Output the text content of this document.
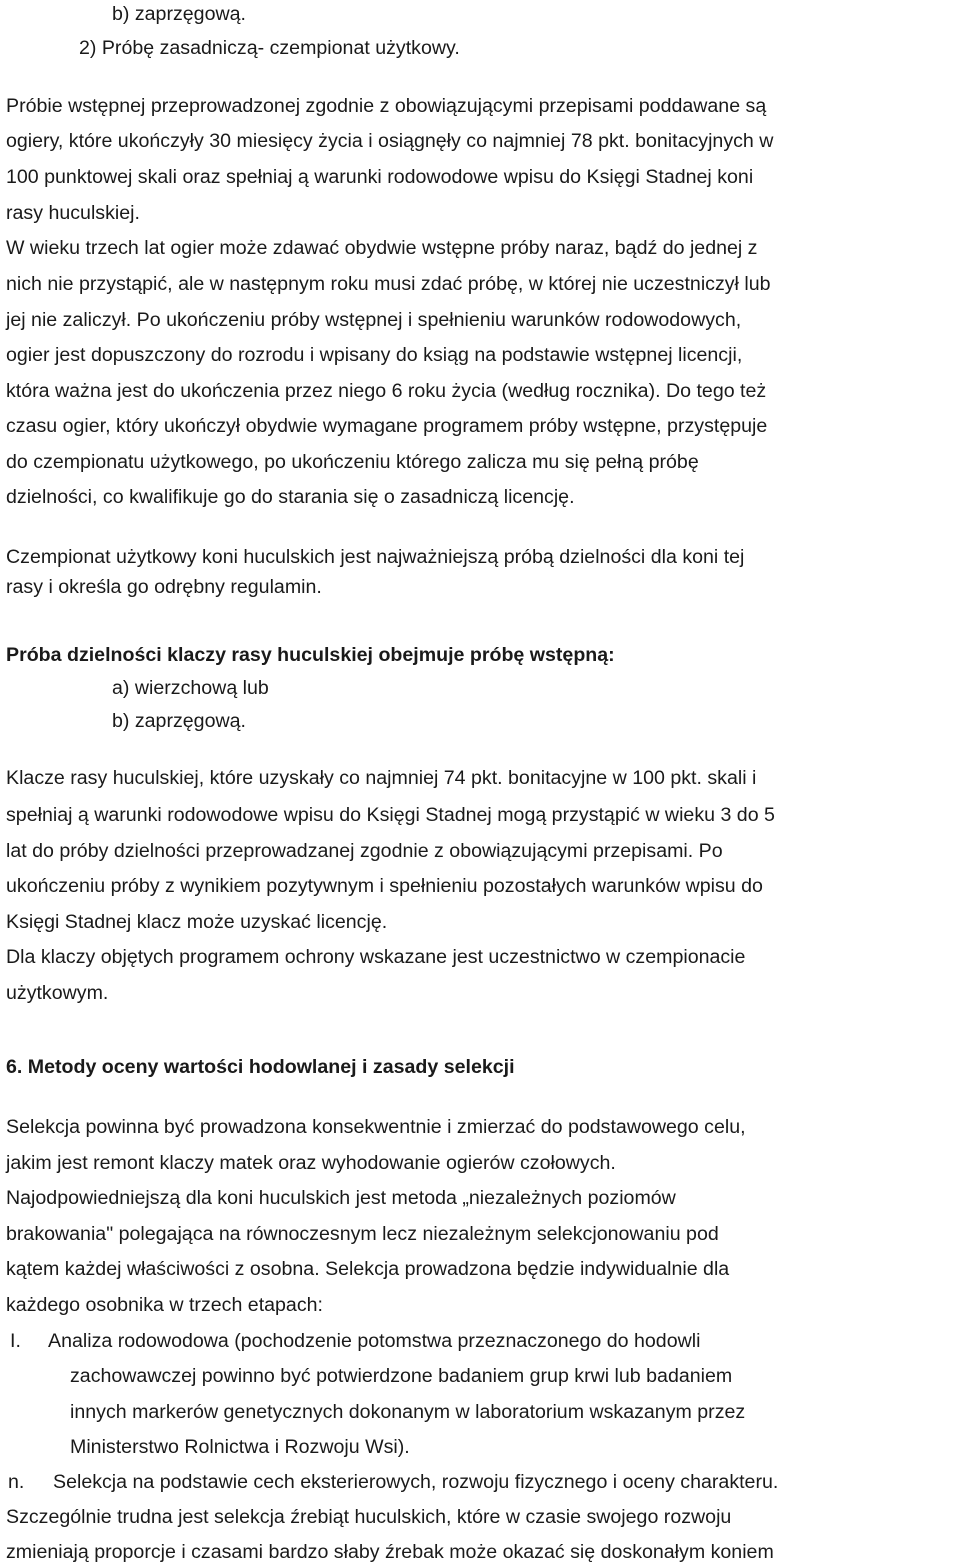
b) zaprzęgową.
2) Próbę zasadniczą- czempionat użytkowy.
Próbie wstępnej przeprowadzonej zgodnie z obowiązującymi przepisami poddawane są
ogiery, które ukończyły 30 miesięcy życia i osiągnęły co najmniej 78 pkt. bonitacyjnych w
100 punktowej skali oraz spełniaj ą warunki rodowodowe wpisu do Księgi Stadnej koni
rasy huculskiej.
W wieku trzech lat ogier może zdawać obydwie wstępne próby naraz, bądź do jednej z
nich nie przystąpić, ale w następnym roku musi zdać próbę, w której nie uczestniczył lub
jej nie zaliczył. Po ukończeniu próby wstępnej i spełnieniu warunków rodowodowych,
ogier jest dopuszczony do rozrodu i wpisany do ksiąg na podstawie wstępnej licencji,
która ważna jest do ukończenia przez niego 6 roku życia (według rocznika). Do tego też
czasu ogier, który ukończył obydwie wymagane programem próby wstępne, przystępuje
do czempionatu użytkowego, po ukończeniu którego zalicza mu się pełną próbę
dzielności, co kwalifikuje go do starania się o zasadniczą licencję.
Czempionat użytkowy koni huculskich jest najważniejszą próbą dzielności dla koni tej
rasy i określa go odrębny regulamin.
Próba dzielności klaczy rasy huculskiej obejmuje próbę wstępną:
a) wierzchową lub
b) zaprzęgową.
Klacze rasy huculskiej, które uzyskały co najmniej 74 pkt. bonitacyjne w 100 pkt. skali i
spełniaj ą warunki rodowodowe wpisu do Księgi Stadnej mogą przystąpić w wieku 3 do 5
lat do próby dzielności przeprowadzanej zgodnie z obowiązującymi przepisami. Po
ukończeniu próby z wynikiem pozytywnym i spełnieniu pozostałych warunków wpisu do
Księgi Stadnej klacz może uzyskać licencję.
Dla klaczy objętych programem ochrony wskazane jest uczestnictwo w czempionacie
użytkowym.
6. Metody oceny wartości hodowlanej i zasady selekcji
Selekcja powinna być prowadzona konsekwentnie i zmierzać do podstawowego celu,
jakim jest remont klaczy matek oraz wyhodowanie ogierów czołowych.
Najodpowiedniejszą dla koni huculskich jest metoda „niezależnych poziomów
brakowania" polegająca na równoczesnym lecz niezależnym selekcjonowaniu pod
kątem każdej właściwości z osobna. Selekcja prowadzona będzie indywidualnie dla
każdego osobnika w trzech etapach:
I. Analiza rodowodowa (pochodzenie potomstwa przeznaczonego do hodowli
zachowawczej powinno być potwierdzone badaniem grup krwi lub badaniem
innych markerów genetycznych dokonanym w laboratorium wskazanym przez
Ministerstwo Rolnictwa i Rozwoju Wsi).
n. Selekcja na podstawie cech eksterierowych, rozwoju fizycznego i oceny charakteru.
Szczególnie trudna jest selekcja źrebiąt huculskich, które w czasie swojego rozwoju
zmieniają proporcje i czasami bardzo słaby źrebak może okazać się doskonałym koniem
